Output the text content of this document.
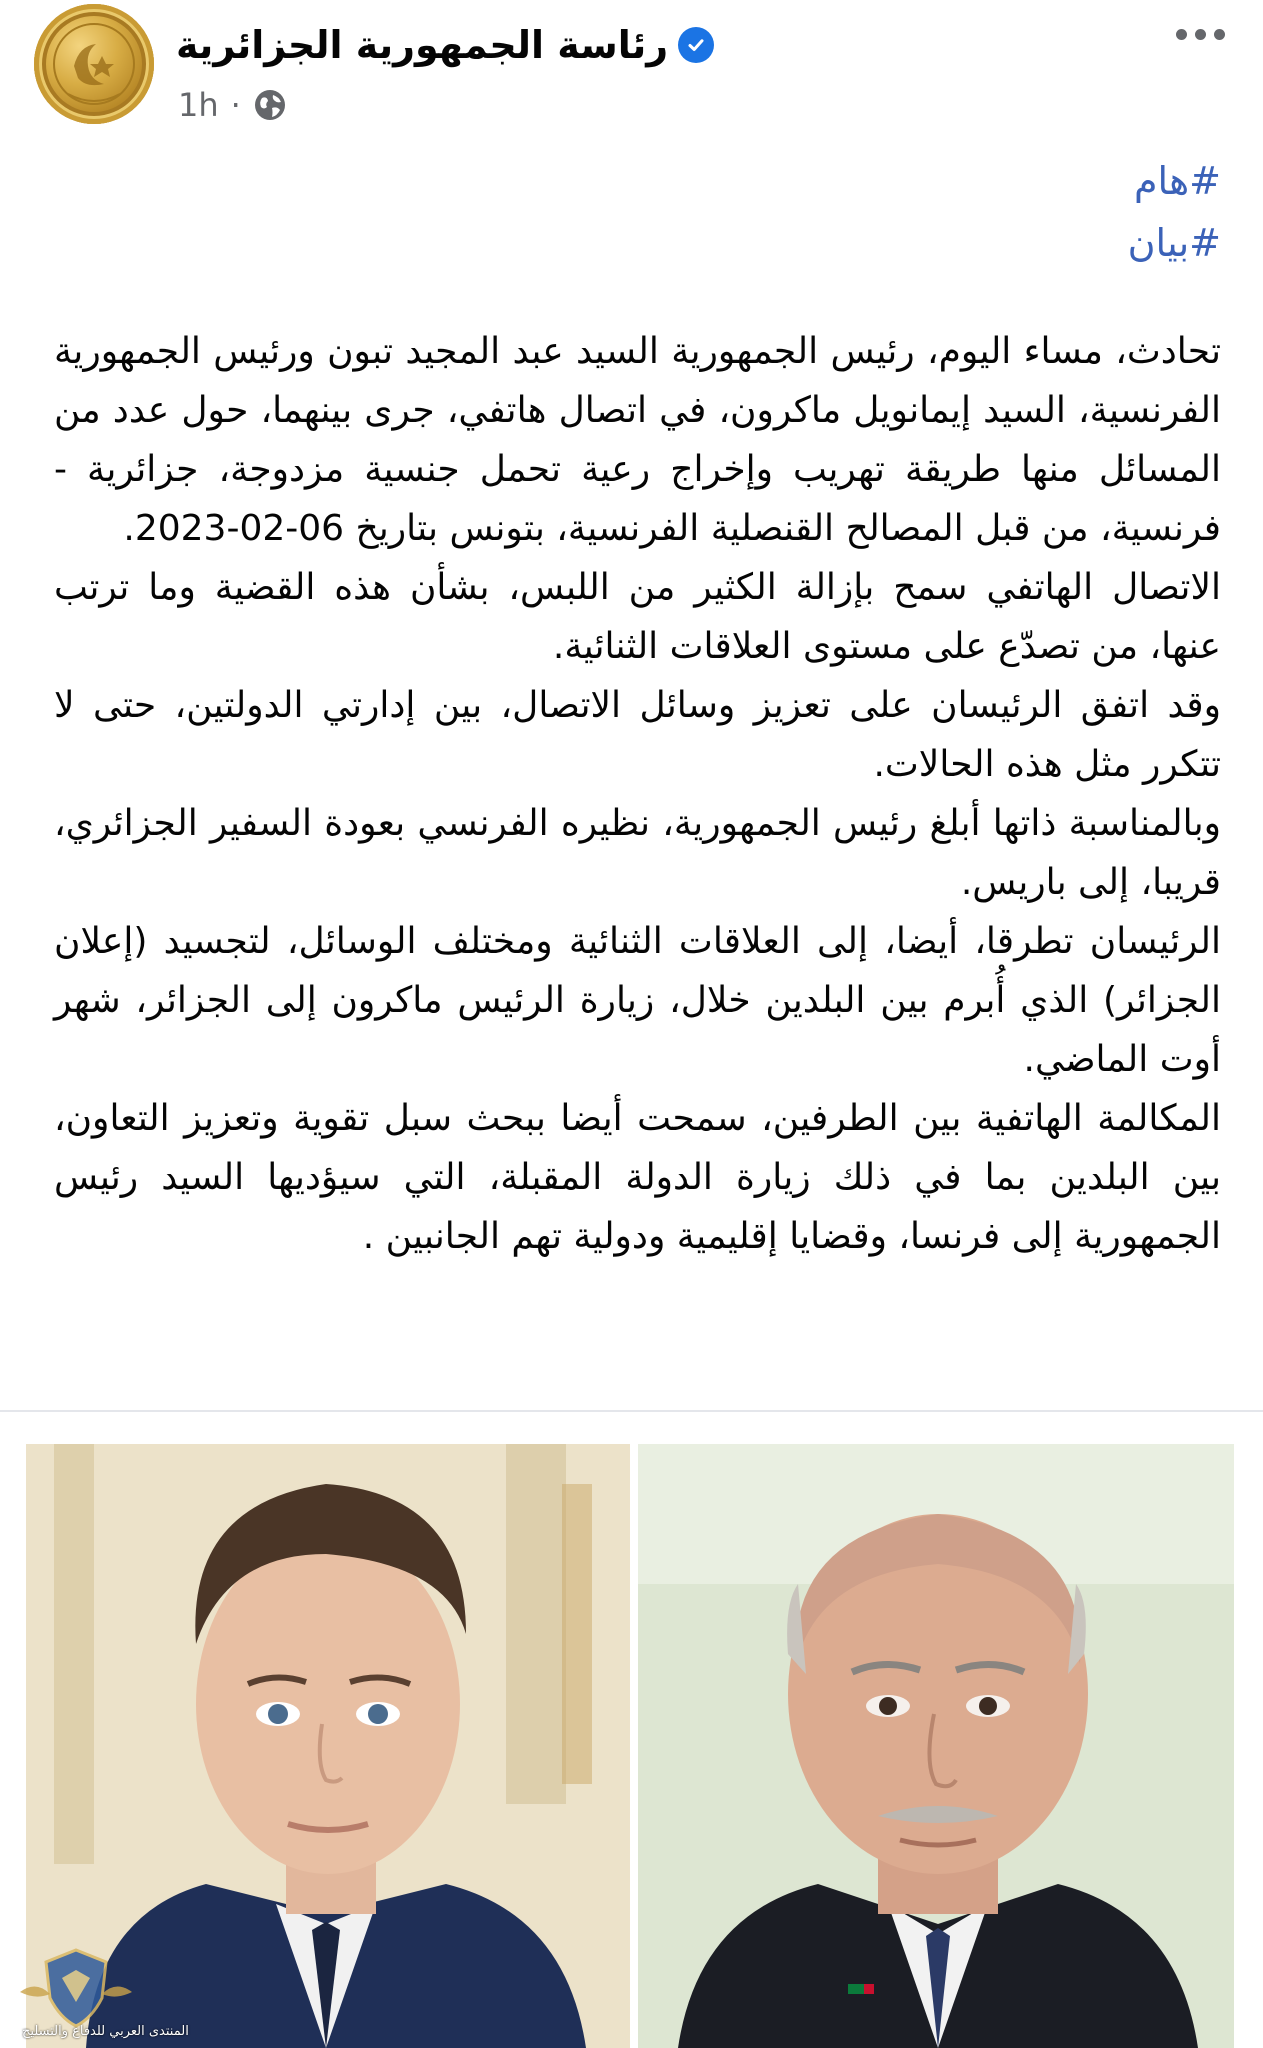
رئاسة الجمهورية الجزائرية
1h ·
#هام
#بيان

تحادث، مساء اليوم، رئيس الجمهورية السيد عبد المجيد تبون ورئيس الجمهورية الفرنسية، السيد إيمانويل ماكرون، في اتصال هاتفي، جرى بينهما، حول عدد من المسائل منها طريقة تهريب وإخراج رعية تحمل جنسية مزدوجة، جزائرية - فرنسية، من قبل المصالح القنصلية الفرنسية، بتونس بتاريخ 06-02-2023.

الاتصال الهاتفي سمح بإزالة الكثير من اللبس، بشأن هذه القضية وما ترتب عنها، من تصدّع على مستوى العلاقات الثنائية.

وقد اتفق الرئيسان على تعزيز وسائل الاتصال، بين إدارتي الدولتين، حتى لا تتكرر مثل هذه الحالات.

وبالمناسبة ذاتها أبلغ رئيس الجمهورية، نظيره الفرنسي بعودة السفير الجزائري، قريبا، إلى باريس.

الرئيسان تطرقا، أيضا، إلى العلاقات الثنائية ومختلف الوسائل، لتجسيد (إعلان الجزائر) الذي أُبرم بين البلدين خلال، زيارة الرئيس ماكرون إلى الجزائر، شهر أوت الماضي.

المكالمة الهاتفية بين الطرفين، سمحت أيضا ببحث سبل تقوية وتعزيز التعاون، بين البلدين بما في ذلك زيارة الدولة المقبلة، التي سيؤديها السيد رئيس الجمهورية إلى فرنسا، وقضايا إقليمية ودولية تهم الجانبين .

المنتدى العربي للدفاع والتسليح
